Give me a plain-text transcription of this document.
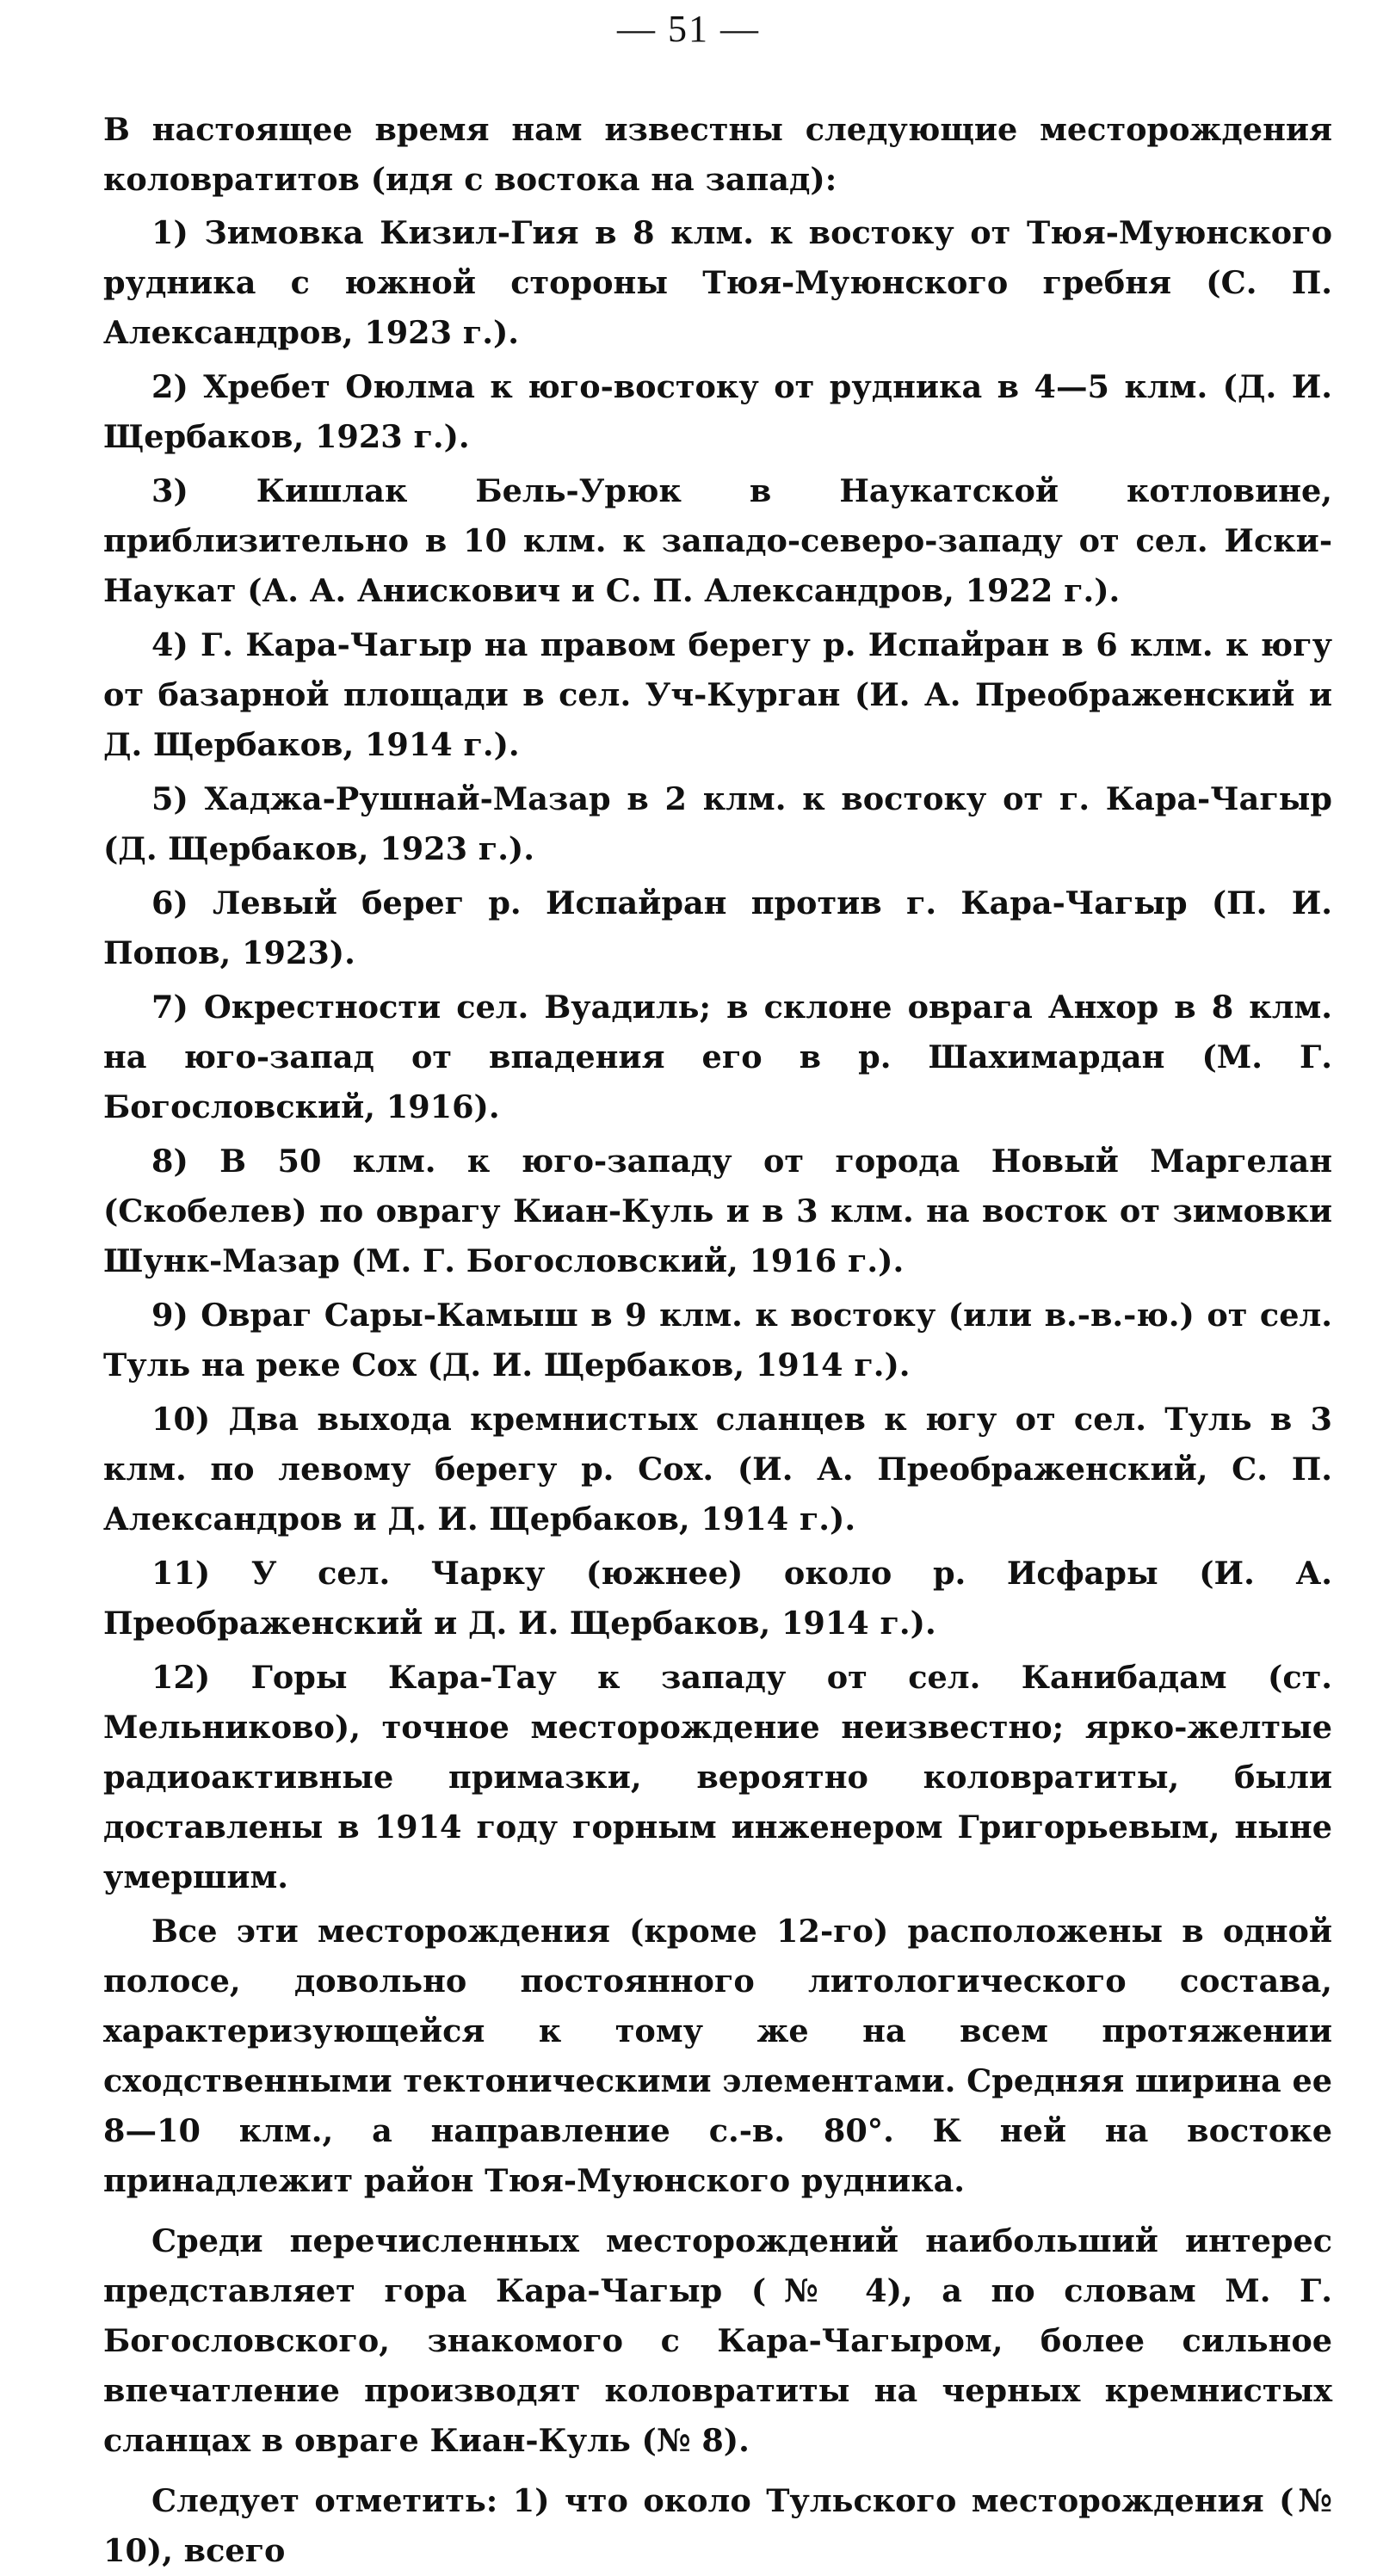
— 51 —

В настоящее время нам известны следующие месторождения коловратитов (идя с востока на запад):

1) Зимовка Кизил-Гия в 8 клм. к востоку от Тюя-Муюнского рудника с южной стороны Тюя-Муюнского гребня (С. П. Александров, 1923 г.).

2) Хребет Оюлма к юго-востоку от рудника в 4—5 клм. (Д. И. Щербаков, 1923 г.).

3) Кишлак Бель-Урюк в Наукатской котловине, приблизительно в 10 клм. к западо-северо-западу от сел. Иски-Наукат (А. А. Анискович и С. П. Александров, 1922 г.).

4) Г. Кара-Чагыр на правом берегу р. Испайран в 6 клм. к югу от базарной площади в сел. Уч-Курган (И. А. Преображенский и Д. Щербаков, 1914 г.).

5) Хаджа-Рушнай-Мазар в 2 клм. к востоку от г. Кара-Чагыр (Д. Щербаков, 1923 г.).

6) Левый берег р. Испайран против г. Кара-Чагыр (П. И. Попов, 1923).

7) Окрестности сел. Вуадиль; в склоне оврага Анхор в 8 клм. на юго-запад от впадения его в р. Шахимардан (М. Г. Богословский, 1916).

8) В 50 клм. к юго-западу от города Новый Маргелан (Скобелев) по оврагу Киан-Куль и в 3 клм. на восток от зимовки Шунк-Мазар (М. Г. Богословский, 1916 г.).

9) Овраг Сары-Камыш в 9 клм. к востоку (или в.-в.-ю.) от сел. Туль на реке Сох (Д. И. Щербаков, 1914 г.).

10) Два выхода кремнистых сланцев к югу от сел. Туль в 3 клм. по левому берегу р. Сох. (И. А. Преображенский, С. П. Александров и Д. И. Щербаков, 1914 г.).

11) У сел. Чарку (южнее) около р. Исфары (И. А. Преображенский и Д. И. Щербаков, 1914 г.).

12) Горы Кара-Тау к западу от сел. Канибадам (ст. Мельниково), точное месторождение неизвестно; ярко-желтые радиоактивные примазки, вероятно коловратиты, были доставлены в 1914 году горным инженером Григорьевым, ныне умершим.

Все эти месторождения (кроме 12-го) расположены в одной полосе, довольно постоянного литологического состава, характеризующейся к тому же на всем протяжении сходственными тектоническими элементами. Средняя ширина ее 8—10 клм., а направление с.-в. 80°. К ней на востоке принадлежит район Тюя-Муюнского рудника.

Среди перечисленных месторождений наибольший интерес представляет гора Кара-Чагыр (№ 4), а по словам М. Г. Богословского, знакомого с Кара-Чагыром, более сильное впечатление производят коловратиты на черных кремнистых сланцах в овраге Киан-Куль (№ 8).

Следует отметить: 1) что около Тульского месторождения (№ 10), всего
